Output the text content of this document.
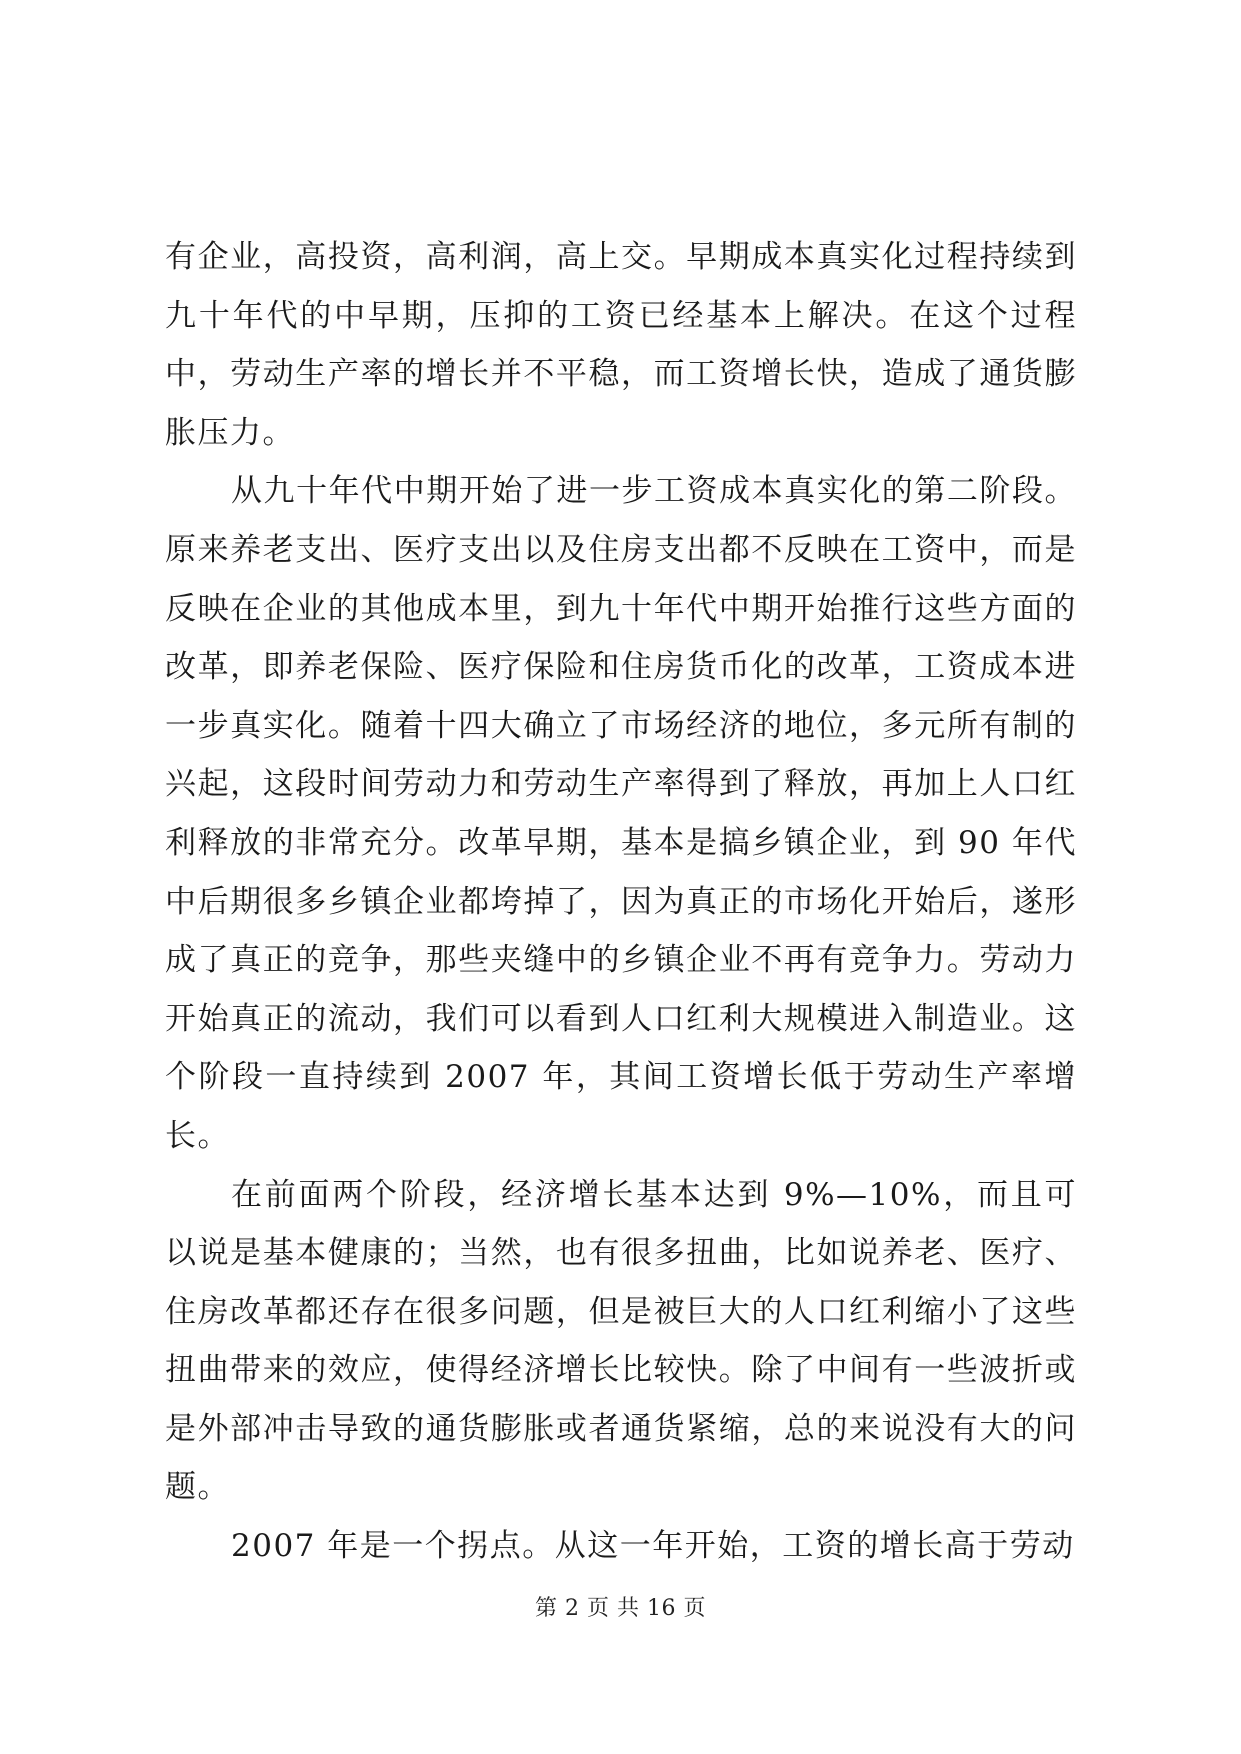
有企业，高投资，高利润，高上交。早期成本真实化过程持续到九十年代的中早期，压抑的工资已经基本上解决。在这个过程中，劳动生产率的增长并不平稳，而工资增长快，造成了通货膨胀压力。

从九十年代中期开始了进一步工资成本真实化的第二阶段。原来养老支出、医疗支出以及住房支出都不反映在工资中，而是反映在企业的其他成本里，到九十年代中期开始推行这些方面的改革，即养老保险、医疗保险和住房货币化的改革，工资成本进一步真实化。随着十四大确立了市场经济的地位，多元所有制的兴起，这段时间劳动力和劳动生产率得到了释放，再加上人口红利释放的非常充分。改革早期，基本是搞乡镇企业，到 90 年代中后期很多乡镇企业都垮掉了，因为真正的市场化开始后，遂形成了真正的竞争，那些夹缝中的乡镇企业不再有竞争力。劳动力开始真正的流动，我们可以看到人口红利大规模进入制造业。这个阶段一直持续到 2007 年，其间工资增长低于劳动生产率增长。

在前面两个阶段，经济增长基本达到 9%—10%，而且可以说是基本健康的；当然，也有很多扭曲，比如说养老、医疗、住房改革都还存在很多问题，但是被巨大的人口红利缩小了这些扭曲带来的效应，使得经济增长比较快。除了中间有一些波折或是外部冲击导致的通货膨胀或者通货紧缩，总的来说没有大的问题。

2007 年是一个拐点。从这一年开始，工资的增长高于劳动

第 2 页 共 16 页
